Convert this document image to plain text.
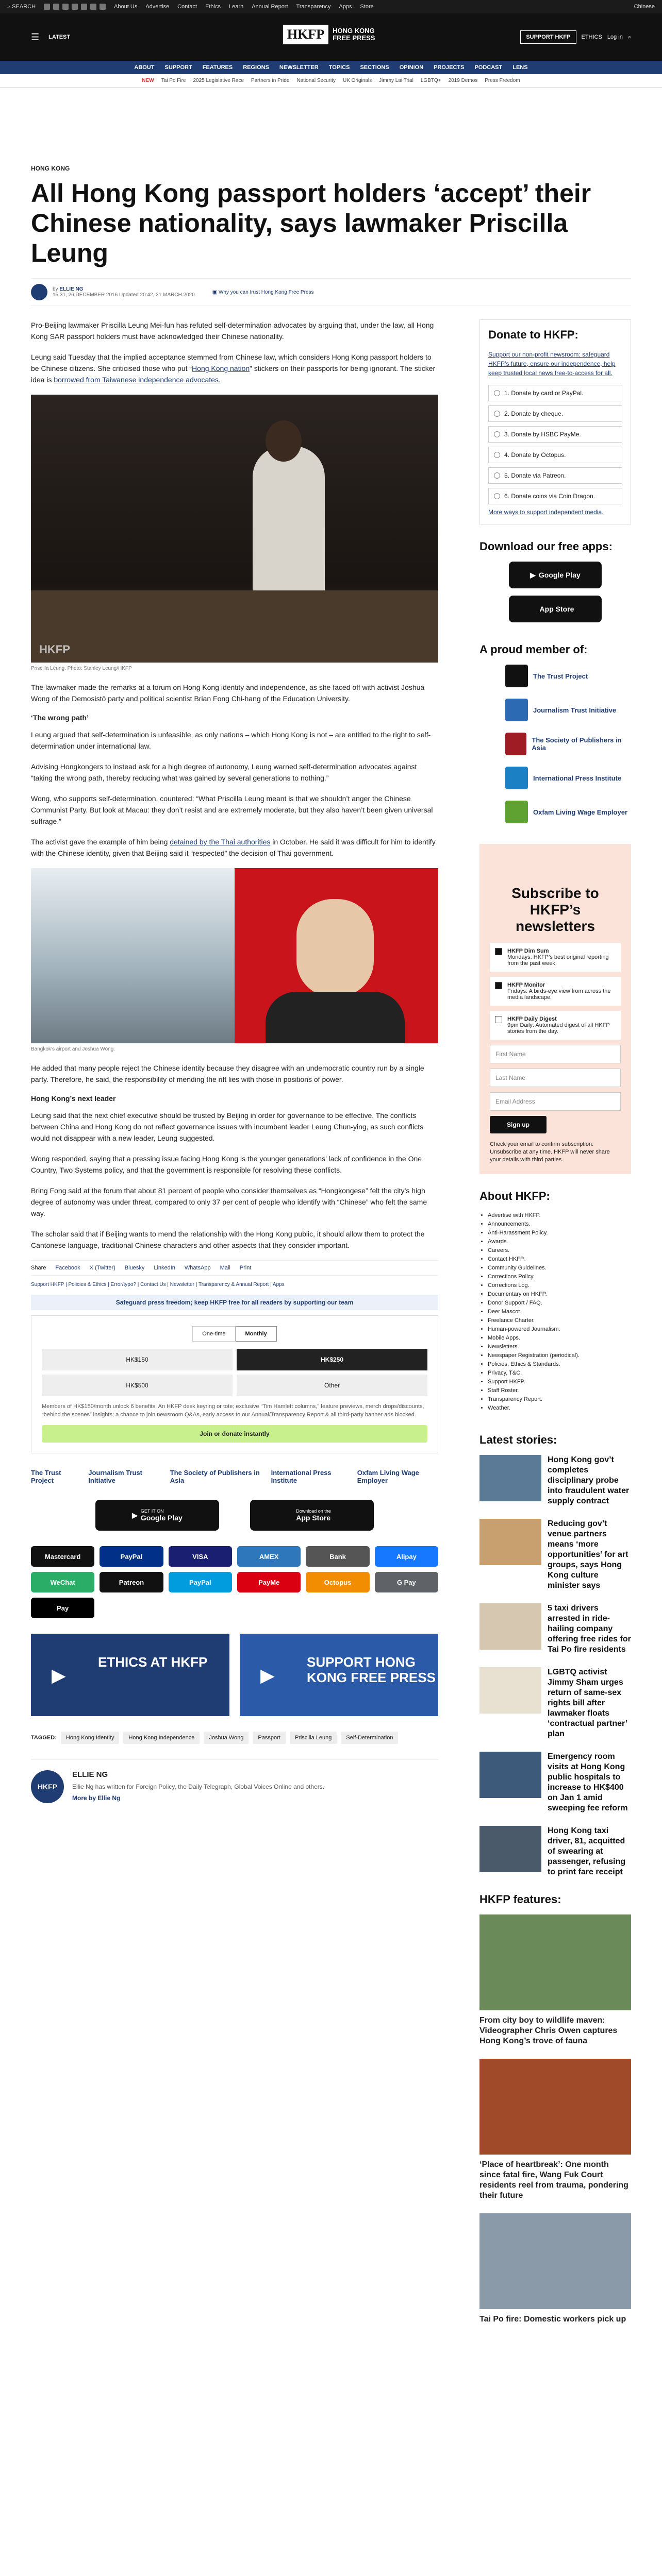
⌕ SEARCH	About Us Advertise Contact Ethics Learn Annual Report Transparency Apps Store	Chinese
☰ LATEST	HKFP	HONG KONG FREE PRESS	SUPPORT HKFP	ETHICS Log in ⌕
ABOUT SUPPORT FEATURES REGIONS NEWSLETTER TOPICS SECTIONS OPINION PROJECTS PODCAST LENS
NEW Tai Po Fire 2025 Legislative Race Partners in Pride National Security UK Originals Jimmy Lai Trial LGBTQ+ 2019 Demos Press Freedom
HONG KONG
All Hong Kong passport holders ‘accept’ their Chinese nationality, says lawmaker Priscilla Leung
by ELLIE NG
15:31, 26 DECEMBER 2016 Updated 20:42, 21 MARCH 2020	▣ Why you can trust Hong Kong Free Press

Pro-Beijing lawmaker Priscilla Leung Mei-fun has refuted self-determination advocates by arguing that, under the law, all Hong Kong SAR passport holders must have acknowledged their Chinese nationality.

Leung said Tuesday that the implied acceptance stemmed from Chinese law, which considers Hong Kong passport holders to be Chinese citizens. She criticised those who put “Hong Kong nation” stickers on their passports for being ignorant. The sticker idea is borrowed from Taiwanese independence advocates.

HKFP
Priscilla Leung. Photo: Stanley Leung/HKFP

The lawmaker made the remarks at a forum on Hong Kong identity and independence, as she faced off with activist Joshua Wong of the Demosistō party and political scientist Brian Fong Chi-hang of the Education University.

‘The wrong path’

Leung argued that self-determination is unfeasible, as only nations – which Hong Kong is not – are entitled to the right to self-determination under international law.

Advising Hongkongers to instead ask for a high degree of autonomy, Leung warned self-determination advocates against “taking the wrong path, thereby reducing what was gained by several generations to nothing.”

Wong, who supports self-determination, countered: “What Priscilla Leung meant is that we shouldn’t anger the Chinese Communist Party. But look at Macau: they don’t resist and are extremely moderate, but they also haven’t been given universal suffrage.”

The activist gave the example of him being detained by the Thai authorities in October. He said it was difficult for him to identify with the Chinese identity, given that Beijing said it “respected” the decision of Thai government.

Bangkok’s airport and Joshua Wong.

He added that many people reject the Chinese identity because they disagree with an undemocratic country run by a single party. Therefore, he said, the responsibility of mending the rift lies with those in positions of power.

Hong Kong’s next leader

Leung said that the next chief executive should be trusted by Beijing in order for governance to be effective. The conflicts between China and Hong Kong do not reflect governance issues with incumbent leader Leung Chun-ying, as such conflicts would not disappear with a new leader, Leung suggested.

Wong responded, saying that a pressing issue facing Hong Kong is the younger generations’ lack of confidence in the One Country, Two Systems policy, and that the government is responsible for resolving these conflicts.

Bring Fong said at the forum that about 81 percent of people who consider themselves as “Hongkongese” felt the city’s high degree of autonomy was under threat, compared to only 37 per cent of people who identify with “Chinese” who felt the same way.

The scholar said that if Beijing wants to mend the relationship with the Hong Kong public, it should allow them to protect the Cantonese language, traditional Chinese characters and other aspects that they consider important.

Share Facebook X (Twitter) Bluesky LinkedIn WhatsApp Mail Print
Support HKFP | Policies & Ethics | Error/typo? | Contact Us | Newsletter | Transparency & Annual Report | Apps
Safeguard press freedom; keep HKFP free for all readers by supporting our team
One-time	Monthly
HK$150	HK$250
HK$500	Other

Members of HK$150/month unlock 6 benefits: An HKFP desk keyring or tote; exclusive “Tim Hamlett columns,” feature previews, merch drops/discounts, “behind the scenes” insights; a chance to join newsroom Q&As, early access to our Annual/Transparency Report & all third-party banner ads blocked.

Join or donate instantly
The Trust Project
Journalism Trust Initiative
The Society of Publishers in Asia
International Press Institute
Oxfam Living Wage Employer
▶ GET IT ON
Google Play
Download on the
App Store
Mastercard	PayPal	VISA	AMEX	Bank	Alipay
WeChat	Patreon	PayPal	PayMe	Octopus	G Pay
Pay
ETHICS AT HKFP
▶
SUPPORT HONG KONG FREE PRESS
▶
TAGGED:	Hong Kong Identity	Hong Kong Independence	Joshua Wong	Passport	Priscilla Leung	Self-Determination
HKFP
ELLIE NG
Ellie Ng has written for Foreign Policy, the Daily Telegraph, Global Voices Online and others.
More by Ellie Ng
Donate to HKFP:
Support our non-profit newsroom: safeguard HKFP’s future, ensure our independence, help keep trusted local news free-to-access for all.
1. Donate by card or PayPal.
2. Donate by cheque.
3. Donate by HSBC PayMe.
4. Donate by Octopus.
5. Donate via Patreon.
6. Donate coins via Coin Dragon.
More ways to support independent media.
Download our free apps:
▶ Google Play
App Store
A proud member of:
The Trust Project
Journalism Trust Initiative
The Society of Publishers in Asia
International Press Institute
Oxfam Living Wage Employer
Subscribe to HKFP’s newsletters
HKFP Dim Sum
Mondays: HKFP’s best original reporting from the past week.
HKFP Monitor
Fridays: A birds-eye view from across the media landscape.
HKFP Daily Digest
9pm Daily: Automated digest of all HKFP stories from the day.
First Name
Last Name
Email Address
Sign up
Check your email to confirm subscription. Unsubscribe at any time. HKFP will never share your details with third parties.
About HKFP:
• Advertise with HKFP.
• Announcements.
• Anti-Harassment Policy.
• Awards.
• Careers.
• Contact HKFP.
• Community Guidelines.
• Corrections Policy.
• Corrections Log.
• Documentary on HKFP.
• Donor Support / FAQ.
• Deer Mascot.
• Freelance Charter.
• Human-powered Journalism.
• Mobile Apps.
• Newsletters.
• Newspaper Registration (periodical).
• Policies, Ethics & Standards.
• Privacy, T&C.
• Support HKFP.
• Staff Roster.
• Transparency Report.
• Weather.
Latest stories:
Hong Kong gov’t completes disciplinary probe into fraudulent water supply contract
Reducing gov’t venue partners means ‘more opportunities’ for art groups, says Hong Kong culture minister says
5 taxi drivers arrested in ride-hailing company offering free rides for Tai Po fire residents
LGBTQ activist Jimmy Sham urges return of same-sex rights bill after lawmaker floats ‘contractual partner’ plan
Emergency room visits at Hong Kong public hospitals to increase to HK$400 on Jan 1 amid sweeping fee reform
Hong Kong taxi driver, 81, acquitted of swearing at passenger, refusing to print fare receipt
HKFP features:
From city boy to wildlife maven: Videographer Chris Owen captures Hong Kong’s trove of fauna
‘Place of heartbreak’: One month since fatal fire, Wang Fuk Court residents reel from trauma, pondering their future
Tai Po fire: Domestic workers pick up
